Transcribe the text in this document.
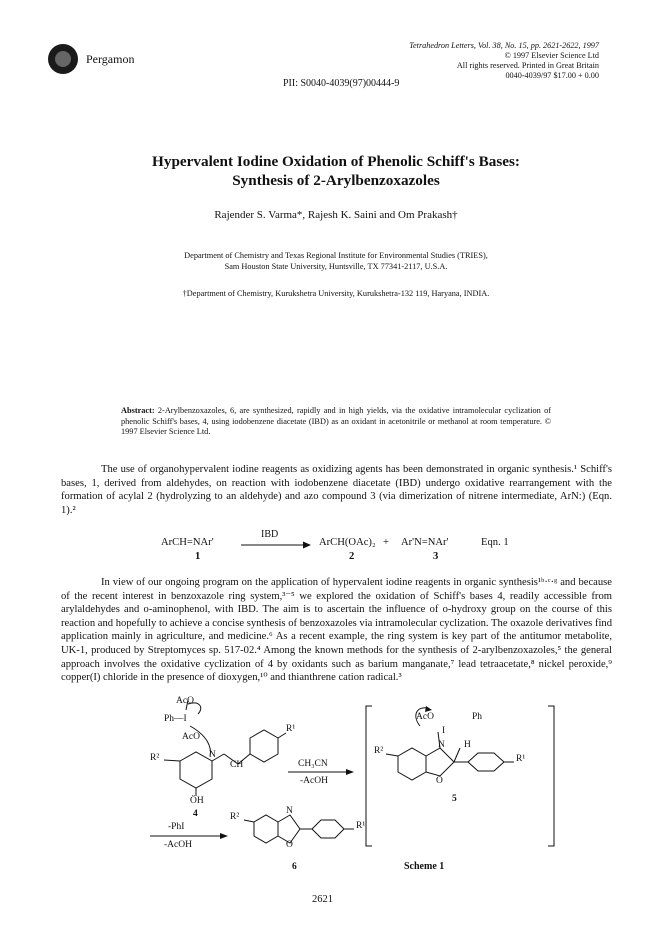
Pergamon
Tetrahedron Letters, Vol. 38, No. 15, pp. 2621-2622, 1997
© 1997 Elsevier Science Ltd
All rights reserved. Printed in Great Britain
0040-4039/97 $17.00 + 0.00
PII: S0040-4039(97)00444-9
Hypervalent Iodine Oxidation of Phenolic Schiff's Bases:
Synthesis of 2-Arylbenzoxazoles
Rajender S. Varma*, Rajesh K. Saini and Om Prakash†
Department of Chemistry and Texas Regional Institute for Environmental Studies (TRIES),
Sam Houston State University, Huntsville, TX 77341-2117, U.S.A.
†Department of Chemistry, Kurukshetra University, Kurukshetra-132 119, Haryana, INDIA.
Abstract: 2-Arylbenzoxazoles, 6, are synthesized, rapidly and in high yields, via the oxidative intramolecular cyclization of phenolic Schiff's bases, 4, using iodobenzene diacetate (IBD) as an oxidant in acetonitrile or methanol at room temperature. © 1997 Elsevier Science Ltd.

The use of organohypervalent iodine reagents as oxidizing agents has been demonstrated in organic synthesis.¹ Schiff's bases, 1, derived from aldehydes, on reaction with iodobenzene diacetate (IBD) undergo oxidative rearrangement with the formation of acylal 2 (hydrolyzing to an aldehyde) and azo compound 3 (via dimerization of nitrene intermediate, ArN:) (Eqn. 1).²

ArCH=NAr'
IBD
ArCH(OAc)₂ + Ar'N=NAr'	Eqn. 1
1	2	3

In view of our ongoing program on the application of hypervalent iodine reagents in organic synthesis¹ᵇ·ᶜ·ᵍ and because of the recent interest in benzoxazole ring system,³⁻⁵ we explored the oxidation of Schiff's bases 4, readily accessible from arylaldehydes and o-aminophenol, with IBD. The aim is to ascertain the influence of o-hydroxy group on the course of this reaction and hopefully to achieve a concise synthesis of benzoxazoles via intramolecular cyclization. The oxazole derivatives find application mainly in agriculture, and medicine.⁶ As a recent example, the ring system is key part of the antitumor metabolite, UK-1, produced by Streptomyces sp. 517-02.⁴ Among the known methods for the synthesis of 2-arylbenzoxazoles,⁵ the general approach involves the oxidative cyclization of 4 by oxidants such as barium manganate,⁷ lead tetraacetate,⁸ nickel peroxide,⁹ copper(I) chloride in the presence of dioxygen,¹⁰ and thianthrene cation radical.³

AcO
Ph—I
AcO
R²	N
CH
ÖH
R¹
4
CH₃CN
-AcOH
AcO	Ph
I
R²
N H
O
R¹
5
-PhI
-AcOH
R²
N
O
R¹
6	Scheme 1
2621
